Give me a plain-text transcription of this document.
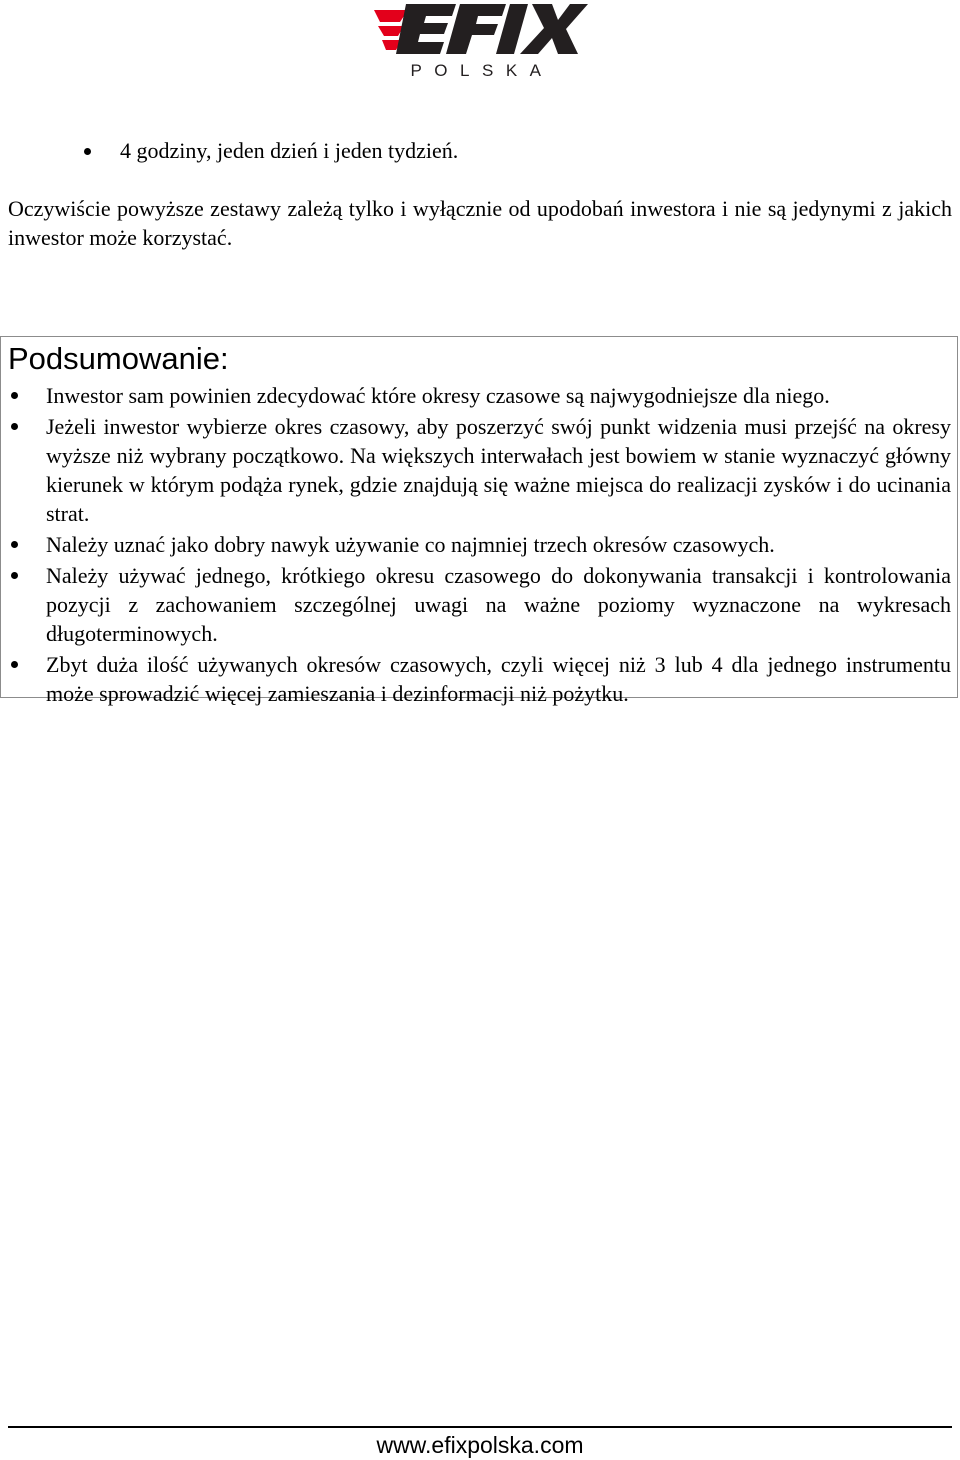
POLSKA
4 godziny, jeden dzień i jeden tydzień.

Oczywiście powyższe zestawy zależą tylko i wyłącznie od upodobań inwestora i nie są jedynymi z jakich inwestor może korzystać.

Podsumowanie:
Inwestor sam powinien zdecydować które okresy czasowe są najwygodniejsze dla niego.
Jeżeli inwestor wybierze okres czasowy, aby poszerzyć swój punkt widzenia musi przejść na okresy wyższe niż wybrany początkowo. Na większych interwałach jest bowiem w stanie wyznaczyć główny kierunek w którym podąża rynek, gdzie znajdują się ważne miejsca do realizacji zysków i do ucinania strat.
Należy uznać jako dobry nawyk używanie co najmniej trzech okresów czasowych.
Należy używać jednego, krótkiego okresu czasowego do dokonywania transakcji i kontrolowania pozycji z zachowaniem szczególnej uwagi na ważne poziomy wyznaczone na wykresach długoterminowych.
Zbyt duża ilość używanych okresów czasowych, czyli więcej niż 3 lub 4 dla jednego instrumentu może sprowadzić więcej zamieszania i dezinformacji niż pożytku.
www.efixpolska.com
